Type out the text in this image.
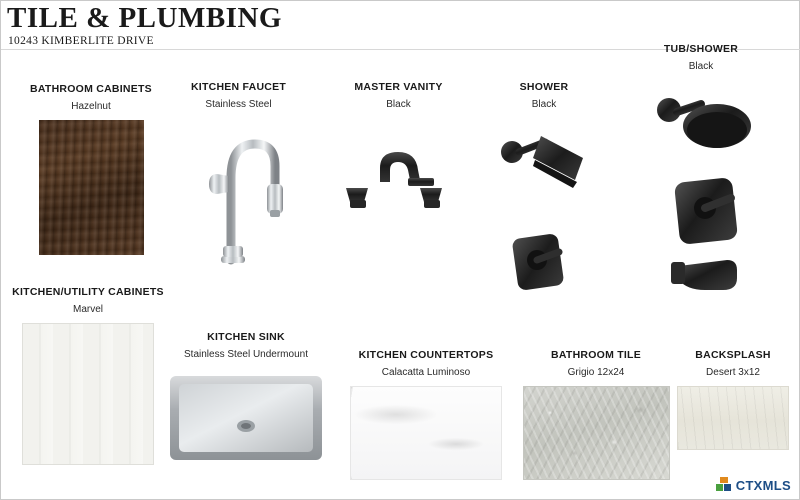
TILE & PLUMBING
10243 KIMBERLITE DRIVE
BATHROOM CABINETS
Hazelnut
KITCHEN FAUCET
Stainless Steel
MASTER VANITY
Black
SHOWER
Black
TUB/SHOWER
Black
KITCHEN/UTILITY CABINETS
Marvel
KITCHEN SINK
Stainless Steel Undermount	KITCHEN COUNTERTOPS
Calacatta Luminoso
BATHROOM TILE
Grigio 12x24
BACKSPLASH
Desert 3x12
CTXMLS
